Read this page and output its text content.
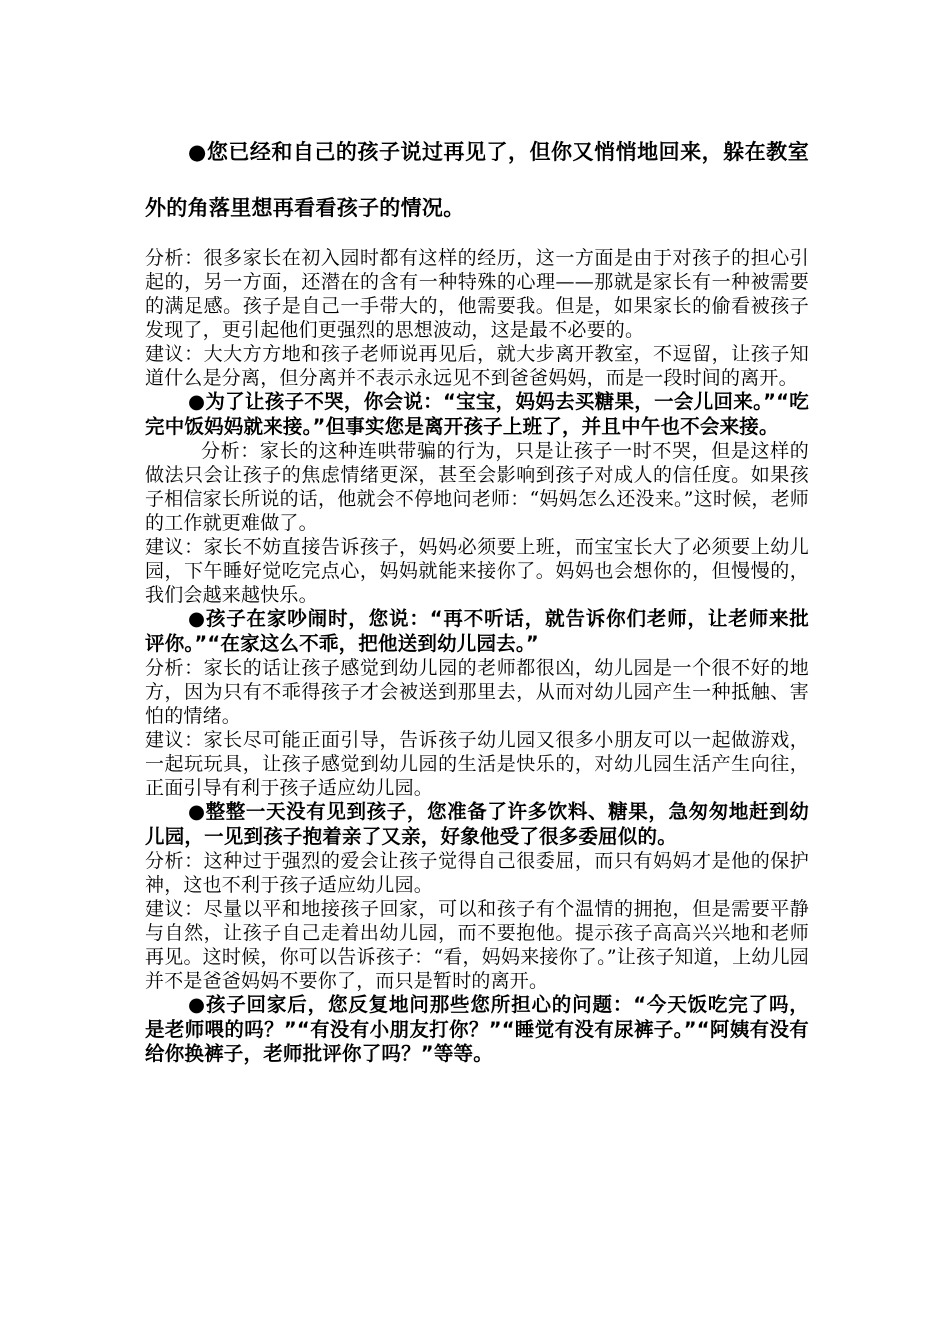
●您已经和自己的孩子说过再见了，但你又悄悄地回来，躲在教室外的角落里想再看看孩子的情况。

分析：很多家长在初入园时都有这样的经历，这一方面是由于对孩子的担心引起的，另一方面，还潜在的含有一种特殊的心理——那就是家长有一种被需要的满足感。孩子是自己一手带大的，他需要我。但是，如果家长的偷看被孩子发现了，更引起他们更强烈的思想波动，这是最不必要的。

建议：大大方方地和孩子老师说再见后，就大步离开教室，不逗留，让孩子知道什么是分离，但分离并不表示永远见不到爸爸妈妈，而是一段时间的离开。

●为了让孩子不哭，你会说：“宝宝，妈妈去买糖果，一会儿回来。”“吃完中饭妈妈就来接。”但事实您是离开孩子上班了，并且中午也不会来接。

分析：家长的这种连哄带骗的行为，只是让孩子一时不哭，但是这样的做法只会让孩子的焦虑情绪更深，甚至会影响到孩子对成人的信任度。如果孩子相信家长所说的话，他就会不停地问老师：“妈妈怎么还没来。”这时候，老师的工作就更难做了。

建议：家长不妨直接告诉孩子，妈妈必须要上班，而宝宝长大了必须要上幼儿园，下午睡好觉吃完点心，妈妈就能来接你了。妈妈也会想你的，但慢慢的，我们会越来越快乐。

●孩子在家吵闹时，您说：“再不听话，就告诉你们老师，让老师来批评你。”“在家这么不乖，把他送到幼儿园去。”

分析：家长的话让孩子感觉到幼儿园的老师都很凶，幼儿园是一个很不好的地方，因为只有不乖得孩子才会被送到那里去，从而对幼儿园产生一种抵触、害怕的情绪。

建议：家长尽可能正面引导，告诉孩子幼儿园又很多小朋友可以一起做游戏，一起玩玩具，让孩子感觉到幼儿园的生活是快乐的，对幼儿园生活产生向往，正面引导有利于孩子适应幼儿园。

●整整一天没有见到孩子，您准备了许多饮料、糖果，急匆匆地赶到幼儿园，一见到孩子抱着亲了又亲，好象他受了很多委屈似的。

分析：这种过于强烈的爱会让孩子觉得自己很委屈，而只有妈妈才是他的保护神，这也不利于孩子适应幼儿园。

建议：尽量以平和地接孩子回家，可以和孩子有个温情的拥抱，但是需要平静与自然，让孩子自己走着出幼儿园，而不要抱他。提示孩子高高兴兴地和老师再见。这时候，你可以告诉孩子：“看，妈妈来接你了。”让孩子知道，上幼儿园并不是爸爸妈妈不要你了，而只是暂时的离开。

●孩子回家后，您反复地问那些您所担心的问题：“今天饭吃完了吗，是老师喂的吗？”“有没有小朋友打你？”“睡觉有没有尿裤子。”“阿姨有没有给你换裤子，老师批评你了吗？”等等。
